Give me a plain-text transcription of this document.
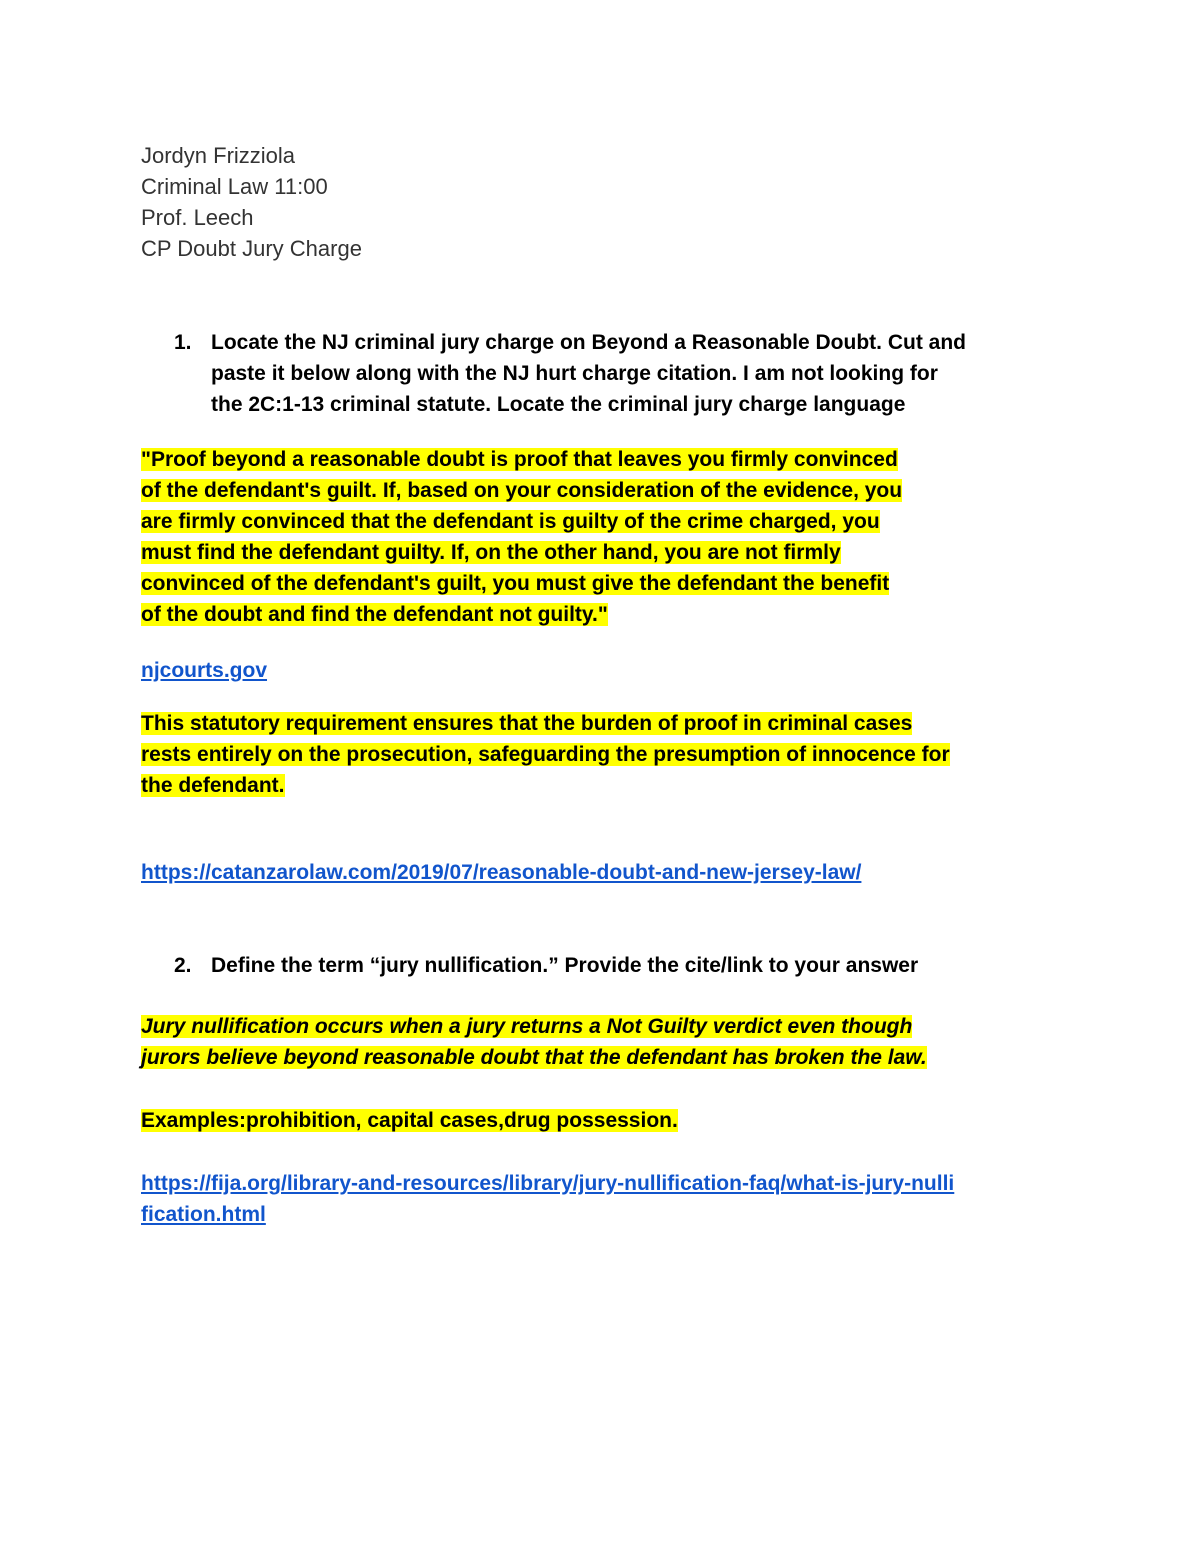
Jordyn Frizziola
Criminal Law 11:00
Prof. Leech
CP Doubt Jury Charge
1. Locate the NJ criminal jury charge on Beyond a Reasonable Doubt. Cut and
paste it below along with the NJ hurt charge citation. I am not looking for
the 2C:1-13 criminal statute. Locate the criminal jury charge language
"Proof beyond a reasonable doubt is proof that leaves you firmly convinced
of the defendant's guilt. If, based on your consideration of the evidence, you
are firmly convinced that the defendant is guilty of the crime charged, you
must find the defendant guilty. If, on the other hand, you are not firmly
convinced of the defendant's guilt, you must give the defendant the benefit
of the doubt and find the defendant not guilty."
njcourts.gov
This statutory requirement ensures that the burden of proof in criminal cases
rests entirely on the prosecution, safeguarding the presumption of innocence for
the defendant.
https://catanzarolaw.com/2019/07/reasonable-doubt-and-new-jersey-law/
2. Define the term “jury nullification.” Provide the cite/link to your answer
Jury nullification occurs when a jury returns a Not Guilty verdict even though
jurors believe beyond reasonable doubt that the defendant has broken the law.
Examples:prohibition, capital cases,drug possession.
https://fija.org/library-and-resources/library/jury-nullification-faq/what-is-jury-nulli
fication.html
